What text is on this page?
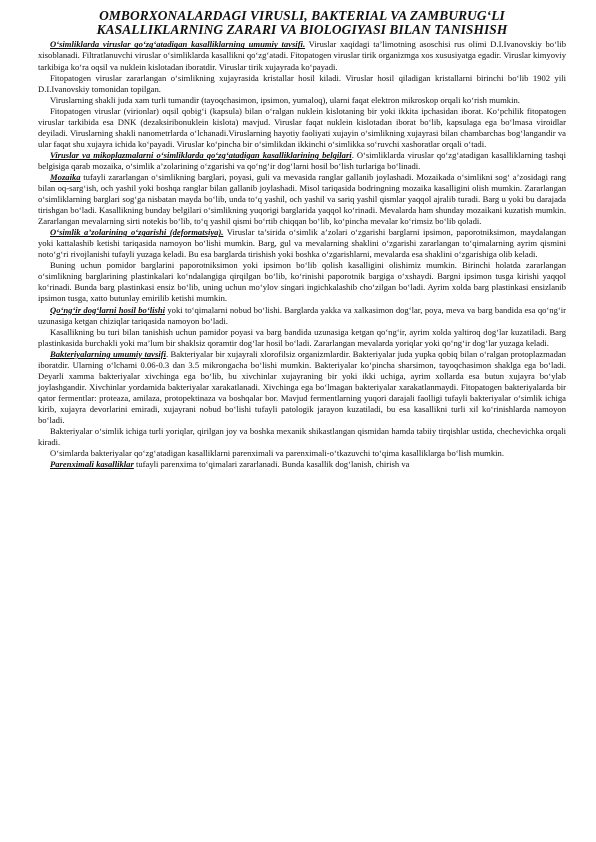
OMBORXONALARDAGI VIRUSLI, BAKTERIAL VA ZAMBURUG‘LI
KASALLIKLARNING ZARARI VA BIOLOGIYASI BILAN TANISHISH

O‘simliklarda viruslar qo‘zg‘atadigan kasalliklarning umumiy tavsifi. Viruslar xaqidagi ta’limotning asoschisi rus olimi D.I.Ivanovskiy bo‘lib xisoblanadi. Filtratlanuvchi viruslar o‘simliklarda kasallikni qo‘zg‘atadi. Fitopatogen viruslar tirik organizmga xos xususiyatga egadir. Viruslar kimyoviy tarkibiga ko‘ra oqsil va nuklein kislotadan iboratdir. Viruslar tirik xujayrada ko‘payadi.

Fitopatogen viruslar zararlangan o‘simlikning xujayrasida kristallar hosil kiladi. Viruslar hosil qiladigan kristallarni birinchi bo‘lib 1902 yili D.I.Ivanovskiy tomonidan topilgan.

Viruslarning shakli juda xam turli tumandir (tayoqchasimon, ipsimon, yumaloq), ularni faqat elektron mikroskop orqali ko‘rish mumkin.

Fitopatogen viruslar (virionlar) oqsil qobig‘i (kapsula) bilan o‘ralgan nuklein kislotaning bir yoki ikkita ipchasidan iborat. Ko‘pchilik fitopatogen viruslar tarkibida esa DNK (dezaksiribonuklein kislota) mavjud. Viruslar faqat nuklein kislotadan iborat bo‘lib, kapsulaga ega bo‘lmasa viroidlar deyiladi. Viruslarning shakli nanometrlarda o‘lchanadi.Viruslarning hayotiy faoliyati xujayin o‘simlikning xujayrasi bilan chambarchas bog‘langandir va ular faqat shu xujayra ichida ko‘payadi. Viruslar ko‘pincha bir o‘simlikdan ikkinchi o‘simlikka so‘ruvchi xashoratlar orqali o‘tadi.

Viruslar va mikoplazmalarni o‘simliklarda qo‘zg‘atadigan kasalliklarining belgilari. O‘simliklarda viruslar qo‘zg‘atadigan kasalliklarning tashqi belgisiga qarab mozaika, o‘simlik a’zolarining o‘zgarishi va qo‘ng‘ir dog‘larni hosil bo‘lish turlariga bo‘linadi.

Mozaika tufayli zararlangan o‘simlikning barglari, poyasi, guli va mevasida ranglar gallanib joylashadi. Mozaikada o‘simlikni sog‘ a’zosidagi rang bilan oq-sarg‘ish, och yashil yoki boshqa ranglar bilan gallanib joylashadi. Misol tariqasida bodringning mozaika kasalligini olish mumkin. Zararlangan o‘simliklarning barglari sog‘ga nisbatan mayda bo‘lib, unda to‘q yashil, och yashil va sariq yashil qismlar yaqqol ajralib turadi. Barg u yoki bu darajada tirishgan bo‘ladi. Kasallikning bunday belgilari o‘simlikning yuqorigi barglarida yaqqol ko‘rinadi. Mevalarda ham shunday mozaikani kuzatish mumkin. Zararlangan mevalarning sirti notekis bo‘lib, to‘q yashil qismi bo‘rtib chiqqan bo‘lib, ko‘pincha mevalar ko‘rimsiz bo‘lib qoladi.

O‘simlik a’zolarining o‘zgarishi (deformatsiya). Viruslar ta’sirida o‘simlik a’zolari o‘zgarishi barglarni ipsimon, paporotniksimon, maydalangan yoki kattalashib ketishi tariqasida namoyon bo‘lishi mumkin. Barg, gul va mevalarning shaklini o‘zgarishi zararlangan to‘qimalarning ayrim qismini noto‘g‘ri rivojlanishi tufayli yuzaga keladi. Bu esa barglarda tirishish yoki boshka o‘zgarishlarni, mevalarda esa shaklini o‘zgarishiga olib keladi.

Buning uchun pomidor barglarini paporotniksimon yoki ipsimon bo‘lib qolish kasalligini olishimiz mumkin. Birinchi holatda zararlangan o‘simlikning barglarining plastinkalari ko‘ndalangiga qirqilgan bo‘lib, ko‘rinishi paporotnik bargiga o‘xshaydi. Bargni ipsimon tusga kirishi yaqqol ko‘rinadi. Bunda barg plastinkasi ensiz bo‘lib, uning uchun mo‘ylov singari ingichkalashib cho‘zilgan bo‘ladi. Ayrim xolda barg plastinkasi ensizlanib ipsimon tusga, xatto butunlay emirilib ketishi mumkin.

Qo‘ng‘ir dog‘larni hosil bo‘lishi yoki to‘qimalarni nobud bo‘lishi. Barglarda yakka va xalkasimon dog‘lar, poya, meva va barg bandida esa qo‘ng‘ir uzunasiga ketgan chiziqlar tariqasida namoyon bo‘ladi.

Kasallikning bu turi bilan tanishish uchun pamidor poyasi va barg bandida uzunasiga ketgan qo‘ng‘ir, ayrim xolda yaltiroq dog‘lar kuzatiladi. Barg plastinkasida burchakli yoki ma’lum bir shaklsiz qoramtir dog‘lar hosil bo‘ladi. Zararlangan mevalarda yoriqlar yoki qo‘ng‘ir dog‘lar yuzaga keladi.

Bakteriyalarning umumiy tavsifi. Bakteriyalar bir xujayrali xlorofilsiz organizmlardir. Bakteriyalar juda yupka qobiq bilan o‘ralgan protoplazmadan iboratdir. Ularning o‘lchami 0.06-0.3 dan 3.5 mikrongacha bo‘lishi mumkin. Bakteriyalar ko‘pincha sharsimon, tayoqchasimon shaklga ega bo‘ladi. Deyarli xamma bakteriyalar xivchinga ega bo‘lib, bu xivchinlar xujayraning bir yoki ikki uchiga, ayrim xollarda esa butun xujayra bo‘ylab joylashgandir. Xivchinlar yordamida bakteriyalar xarakatlanadi. Xivchinga ega bo‘lmagan bakteriyalar xarakatlanmaydi. Fitopatogen bakteriyalarda bir qator fermentlar: proteaza, amilaza, protopektinaza va boshqalar bor. Mavjud fermentlarning yuqori darajali faolligi tufayli bakteriyalar o‘simlik ichiga kirib, xujayra devorlarini emiradi, xujayrani nobud bo‘lishi tufayli patologik jarayon kuzatiladi, bu esa kasallikni turli xil ko‘rinishlarda namoyon bo‘ladi.

Bakteriyalar o‘simlik ichiga turli yoriqlar, qirilgan joy va boshka mexanik shikastlangan qismidan hamda tabiiy tirqishlar ustida, chechevichka orqali kiradi.

O‘simlarda bakteriyalar qo‘zg‘atadigan kasalliklarni parenximali va parenximali-o‘tkazuvchi to‘qima kasalliklarga bo‘lish mumkin.

Parenximali kasalliklar tufayli parenxima to‘qimalari zararlanadi. Bunda kasallik dog‘lanish, chirish va
